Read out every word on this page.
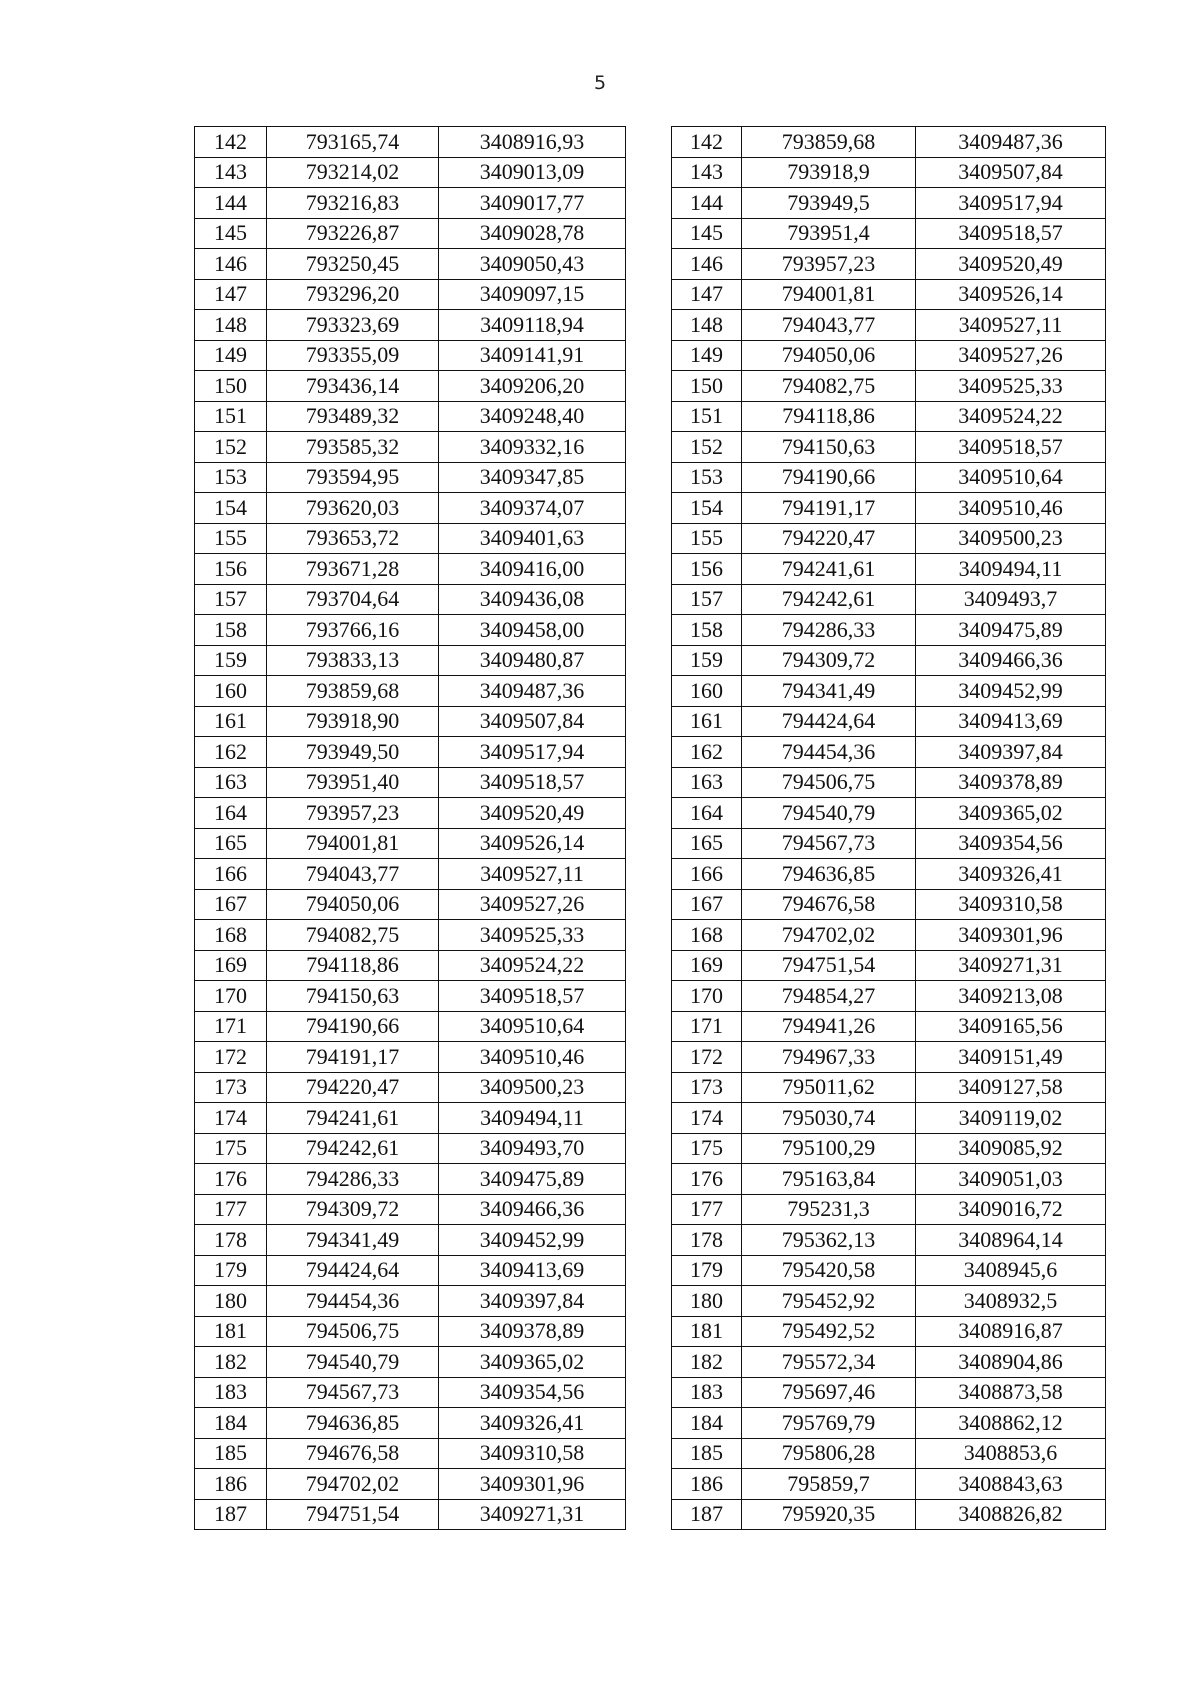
5
142	793165,74	3408916,93
143	793214,02	3409013,09
144	793216,83	3409017,77
145	793226,87	3409028,78
146	793250,45	3409050,43
147	793296,20	3409097,15
148	793323,69	3409118,94
149	793355,09	3409141,91
150	793436,14	3409206,20
151	793489,32	3409248,40
152	793585,32	3409332,16
153	793594,95	3409347,85
154	793620,03	3409374,07
155	793653,72	3409401,63
156	793671,28	3409416,00
157	793704,64	3409436,08
158	793766,16	3409458,00
159	793833,13	3409480,87
160	793859,68	3409487,36
161	793918,90	3409507,84
162	793949,50	3409517,94
163	793951,40	3409518,57
164	793957,23	3409520,49
165	794001,81	3409526,14
166	794043,77	3409527,11
167	794050,06	3409527,26
168	794082,75	3409525,33
169	794118,86	3409524,22
170	794150,63	3409518,57
171	794190,66	3409510,64
172	794191,17	3409510,46
173	794220,47	3409500,23
174	794241,61	3409494,11
175	794242,61	3409493,70
176	794286,33	3409475,89
177	794309,72	3409466,36
178	794341,49	3409452,99
179	794424,64	3409413,69
180	794454,36	3409397,84
181	794506,75	3409378,89
182	794540,79	3409365,02
183	794567,73	3409354,56
184	794636,85	3409326,41
185	794676,58	3409310,58
186	794702,02	3409301,96
187	794751,54	3409271,31
142	793859,68	3409487,36
143	793918,9	3409507,84
144	793949,5	3409517,94
145	793951,4	3409518,57
146	793957,23	3409520,49
147	794001,81	3409526,14
148	794043,77	3409527,11
149	794050,06	3409527,26
150	794082,75	3409525,33
151	794118,86	3409524,22
152	794150,63	3409518,57
153	794190,66	3409510,64
154	794191,17	3409510,46
155	794220,47	3409500,23
156	794241,61	3409494,11
157	794242,61	3409493,7
158	794286,33	3409475,89
159	794309,72	3409466,36
160	794341,49	3409452,99
161	794424,64	3409413,69
162	794454,36	3409397,84
163	794506,75	3409378,89
164	794540,79	3409365,02
165	794567,73	3409354,56
166	794636,85	3409326,41
167	794676,58	3409310,58
168	794702,02	3409301,96
169	794751,54	3409271,31
170	794854,27	3409213,08
171	794941,26	3409165,56
172	794967,33	3409151,49
173	795011,62	3409127,58
174	795030,74	3409119,02
175	795100,29	3409085,92
176	795163,84	3409051,03
177	795231,3	3409016,72
178	795362,13	3408964,14
179	795420,58	3408945,6
180	795452,92	3408932,5
181	795492,52	3408916,87
182	795572,34	3408904,86
183	795697,46	3408873,58
184	795769,79	3408862,12
185	795806,28	3408853,6
186	795859,7	3408843,63
187	795920,35	3408826,82
